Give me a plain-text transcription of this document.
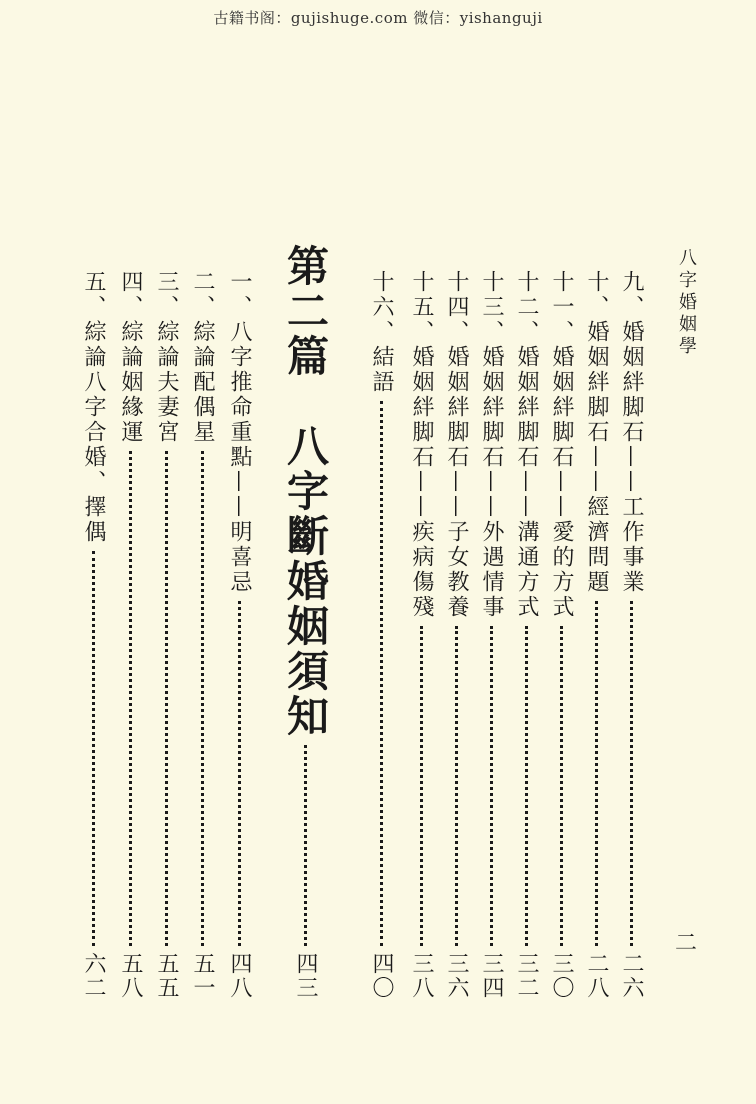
古籍书阁：gujishuge.com 微信：yishanguji
八字婚姻學
二
九、婚姻絆脚石——工作事業
二六
十、婚姻絆脚石——經濟問題
二八
十一、婚姻絆脚石——愛的方式
三〇
十二、婚姻絆脚石——溝通方式
三二
十三、婚姻絆脚石——外遇情事
三四
十四、婚姻絆脚石——子女教養
三六
十五、婚姻絆脚石——疾病傷殘
三八
十六、結語
四〇
第二篇　八字斷婚姻須知
四三
一、八字推命重點——明喜忌
四八
二、綜論配偶星
五一
三、綜論夫妻宮
五五
四、綜論姻緣運
五八
五、綜論八字合婚、擇偶
六二
